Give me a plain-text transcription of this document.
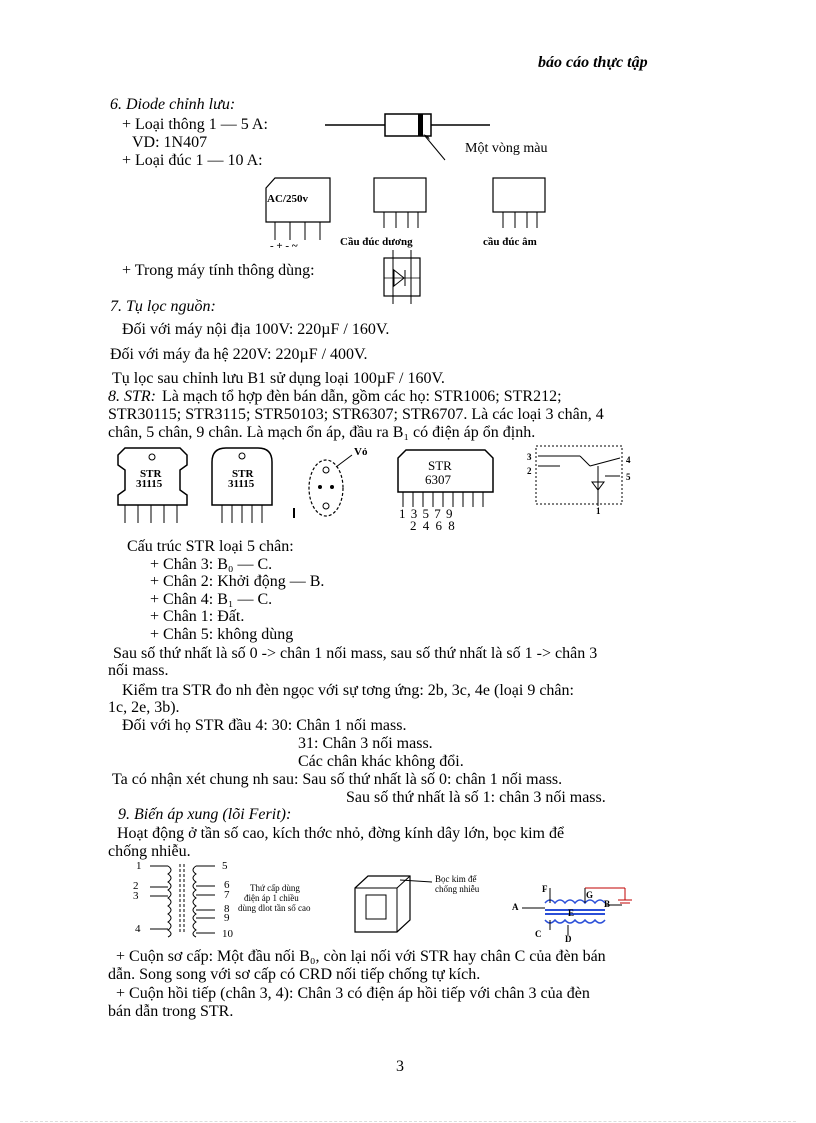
báo cáo thực tập
6. Diode chỉnh lưu:
+ Loại thông 1 — 5 A:
VD: 1N407
+ Loại đúc 1 — 10 A:
Một vòng màu
AC/250v
- + - ~	Cầu đúc dương	cầu đúc âm
+ Trong máy tính thông dùng:
7. Tụ lọc nguồn:
Đối với máy nội địa 100V: 220µF / 160V.
Đối với máy đa hệ 220V: 220µF / 400V.
Tụ lọc sau chỉnh lưu B1 sử dụng loại 100µF / 160V.
8. STR: Là mạch tổ hợp đèn bán dẫn, gồm các họ: STR1006; STR212;
STR30115; STR3115; STR50103; STR6307; STR6707. Là các loại 3 chân, 4
chân, 5 chân, 9 chân. Là mạch ổn áp, đầu ra B₁ có điện áp ổn định.
STR
31115
STR
31115
Vỏ
STR
6307
1 3 5 7 9
2 4 6 8
3
2
4
5
1
Cấu trúc STR loại 5 chân:
+ Chân 3: B₀ — C.
+ Chân 2: Khởi động — B.
+ Chân 4: B₁ — C.
+ Chân 1: Đất.
+ Chân 5: không dùng
Sau số thứ nhất là số 0 -> chân 1 nối mass, sau số thứ nhất là số 1 -> chân 3
nối mass.
Kiểm tra STR đo nh đèn ngọc với sự tơng ứng: 2b, 3c, 4e (loại 9 chân:
1c, 2e, 3b).
Đối với họ STR đầu 4: 30: Chân 1 nối mass.
31: Chân 3 nối mass.
Các chân khác không đổi.
Ta có nhận xét chung nh sau: Sau số thứ nhất là số 0: chân 1 nối mass.
Sau số thứ nhất là số 1: chân 3 nối mass.
9. Biến áp xung (lõi Ferit):
Hoạt động ở tần số cao, kích thớc nhỏ, đờng kính dây lớn, bọc kim để
chống nhiễu.
1
2
3
4
5
6
7
8
9
10
Thứ cấp dùng
điện áp 1 chiều
dùng dlot tần số cao
Bọc kim để
chống nhiễu
A	B
C	D
E
F
G
+ Cuộn sơ cấp: Một đầu nối B₀, còn lại nối với STR hay chân C của đèn bán
dẫn. Song song với sơ cấp có CRD nối tiếp chống tự kích.
+ Cuộn hồi tiếp (chân 3, 4): Chân 3 có điện áp hồi tiếp với chân 3 của đèn
bán dẫn trong STR.
3
